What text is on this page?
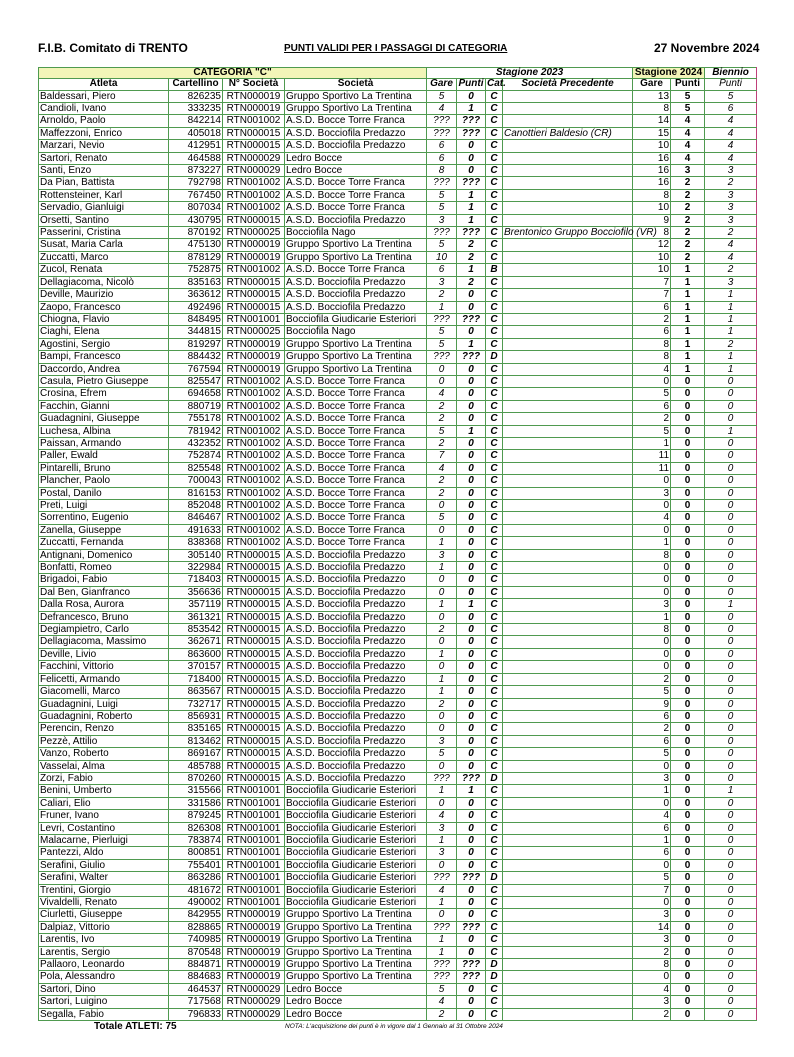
F.I.B. Comitato di TRENTO	PUNTI VALIDI PER I PASSAGGI DI CATEGORIA	27 Novembre 2024
CATEGORIA "C"				Stagione 2023				Stagione 2024		Biennio
Atleta	Cartellino	N° Società	Società	Gare	Punti	Cat.	Società Precedente	Gare	Punti	Punti
Baldessari, Piero	826235	RTN000019	Gruppo Sportivo La Trentina	5	0	C		13	5	5
Candioli, Ivano	333235	RTN000019	Gruppo Sportivo La Trentina	4	1	C		8	5	6
Arnoldo, Paolo	842214	RTN001002	A.S.D. Bocce Torre Franca	???	???	C		14	4	4
Maffezzoni, Enrico	405018	RTN000015	A.S.D. Bocciofila Predazzo	???	???	C	Canottieri Baldesio (CR)	15	4	4
Marzari, Nevio	412951	RTN000015	A.S.D. Bocciofila Predazzo	6	0	C		10	4	4
Sartori, Renato	464588	RTN000029	Ledro Bocce	6	0	C		16	4	4
Santi, Enzo	873227	RTN000029	Ledro Bocce	8	0	C		16	3	3
Da Pian, Battista	792798	RTN001002	A.S.D. Bocce Torre Franca	???	???	C		16	2	2
Rottensteiner, Karl	767450	RTN001002	A.S.D. Bocce Torre Franca	5	1	C		8	2	3
Servadio, Gianluigi	807034	RTN001002	A.S.D. Bocce Torre Franca	5	1	C		10	2	3
Orsetti, Santino	430795	RTN000015	A.S.D. Bocciofila Predazzo	3	1	C		9	2	3
Passerini, Cristina	870192	RTN000025	Bocciofila Nago	???	???	C	Brentonico Gruppo Bocciofilo (VR)	8	2	2
Susat, Maria Carla	475130	RTN000019	Gruppo Sportivo La Trentina	5	2	C		12	2	4
Zuccatti, Marco	878129	RTN000019	Gruppo Sportivo La Trentina	10	2	C		10	2	4
Zucol, Renata	752875	RTN001002	A.S.D. Bocce Torre Franca	6	1	B		10	1	2
Dellagiacoma, Nicolò	835163	RTN000015	A.S.D. Bocciofila Predazzo	3	2	C		7	1	3
Deville, Maurizio	363612	RTN000015	A.S.D. Bocciofila Predazzo	2	0	C		7	1	1
Zaopo, Francesco	492496	RTN000015	A.S.D. Bocciofila Predazzo	1	0	C		6	1	1
Chiogna, Flavio	848495	RTN001001	Bocciofila Giudicarie Esteriori	???	???	C		2	1	1
Ciaghi, Elena	344815	RTN000025	Bocciofila Nago	5	0	C		6	1	1
Agostini, Sergio	819297	RTN000019	Gruppo Sportivo La Trentina	5	1	C		8	1	2
Bampi, Francesco	884432	RTN000019	Gruppo Sportivo La Trentina	???	???	D		8	1	1
Daccordo, Andrea	767594	RTN000019	Gruppo Sportivo La Trentina	0	0	C		4	1	1
Casula, Pietro Giuseppe	825547	RTN001002	A.S.D. Bocce Torre Franca	0	0	C		0	0	0
Crosina, Efrem	694658	RTN001002	A.S.D. Bocce Torre Franca	4	0	C		5	0	0
Facchin, Gianni	880719	RTN001002	A.S.D. Bocce Torre Franca	2	0	C		6	0	0
Guadagnini, Giuseppe	755178	RTN001002	A.S.D. Bocce Torre Franca	2	0	C		2	0	0
Luchesa, Albina	781942	RTN001002	A.S.D. Bocce Torre Franca	5	1	C		5	0	1
Paissan, Armando	432352	RTN001002	A.S.D. Bocce Torre Franca	2	0	C		1	0	0
Paller, Ewald	752874	RTN001002	A.S.D. Bocce Torre Franca	7	0	C		11	0	0
Pintarelli, Bruno	825548	RTN001002	A.S.D. Bocce Torre Franca	4	0	C		11	0	0
Plancher, Paolo	700043	RTN001002	A.S.D. Bocce Torre Franca	2	0	C		0	0	0
Postal, Danilo	816153	RTN001002	A.S.D. Bocce Torre Franca	2	0	C		3	0	0
Preti, Luigi	852048	RTN001002	A.S.D. Bocce Torre Franca	0	0	C		0	0	0
Sorrentino, Eugenio	846467	RTN001002	A.S.D. Bocce Torre Franca	5	0	C		4	0	0
Zanella, Giuseppe	491633	RTN001002	A.S.D. Bocce Torre Franca	0	0	C		0	0	0
Zuccatti, Fernanda	838368	RTN001002	A.S.D. Bocce Torre Franca	1	0	C		1	0	0
Antignani, Domenico	305140	RTN000015	A.S.D. Bocciofila Predazzo	3	0	C		8	0	0
Bonfatti, Romeo	322984	RTN000015	A.S.D. Bocciofila Predazzo	1	0	C		0	0	0
Brigadoi, Fabio	718403	RTN000015	A.S.D. Bocciofila Predazzo	0	0	C		0	0	0
Dal Ben, Gianfranco	356636	RTN000015	A.S.D. Bocciofila Predazzo	0	0	C		0	0	0
Dalla Rosa, Aurora	357119	RTN000015	A.S.D. Bocciofila Predazzo	1	1	C		3	0	1
Defrancesco, Bruno	361321	RTN000015	A.S.D. Bocciofila Predazzo	0	0	C		1	0	0
Degiampietro, Carlo	853542	RTN000015	A.S.D. Bocciofila Predazzo	2	0	C		8	0	0
Dellagiacoma, Massimo	362671	RTN000015	A.S.D. Bocciofila Predazzo	0	0	C		0	0	0
Deville, Livio	863600	RTN000015	A.S.D. Bocciofila Predazzo	1	0	C		0	0	0
Facchini, Vittorio	370157	RTN000015	A.S.D. Bocciofila Predazzo	0	0	C		0	0	0
Felicetti, Armando	718400	RTN000015	A.S.D. Bocciofila Predazzo	1	0	C		2	0	0
Giacomelli, Marco	863567	RTN000015	A.S.D. Bocciofila Predazzo	1	0	C		5	0	0
Guadagnini, Luigi	732717	RTN000015	A.S.D. Bocciofila Predazzo	2	0	C		9	0	0
Guadagnini, Roberto	856931	RTN000015	A.S.D. Bocciofila Predazzo	0	0	C		6	0	0
Perencin, Renzo	835165	RTN000015	A.S.D. Bocciofila Predazzo	0	0	C		2	0	0
Pezzè, Attilio	813462	RTN000015	A.S.D. Bocciofila Predazzo	3	0	C		6	0	0
Vanzo, Roberto	869167	RTN000015	A.S.D. Bocciofila Predazzo	5	0	C		5	0	0
Vasselai, Alma	485788	RTN000015	A.S.D. Bocciofila Predazzo	0	0	C		0	0	0
Zorzi, Fabio	870260	RTN000015	A.S.D. Bocciofila Predazzo	???	???	D		3	0	0
Benini, Umberto	315566	RTN001001	Bocciofila Giudicarie Esteriori	1	1	C		1	0	1
Caliari, Elio	331586	RTN001001	Bocciofila Giudicarie Esteriori	0	0	C		0	0	0
Fruner, Ivano	879245	RTN001001	Bocciofila Giudicarie Esteriori	4	0	C		4	0	0
Levri, Costantino	826308	RTN001001	Bocciofila Giudicarie Esteriori	3	0	C		6	0	0
Malacarne, Pierluigi	783874	RTN001001	Bocciofila Giudicarie Esteriori	1	0	C		1	0	0
Pantezzi, Aldo	800851	RTN001001	Bocciofila Giudicarie Esteriori	3	0	C		6	0	0
Serafini, Giulio	755401	RTN001001	Bocciofila Giudicarie Esteriori	0	0	C		0	0	0
Serafini, Walter	863286	RTN001001	Bocciofila Giudicarie Esteriori	???	???	D		5	0	0
Trentini, Giorgio	481672	RTN001001	Bocciofila Giudicarie Esteriori	4	0	C		7	0	0
Vivaldelli, Renato	490002	RTN001001	Bocciofila Giudicarie Esteriori	1	0	C		0	0	0
Ciurletti, Giuseppe	842955	RTN000019	Gruppo Sportivo La Trentina	0	0	C		3	0	0
Dalpiaz, Vittorio	828865	RTN000019	Gruppo Sportivo La Trentina	???	???	C		14	0	0
Larentis, Ivo	740985	RTN000019	Gruppo Sportivo La Trentina	1	0	C		3	0	0
Larentis, Sergio	870548	RTN000019	Gruppo Sportivo La Trentina	1	0	C		2	0	0
Pallaoro, Leonardo	884871	RTN000019	Gruppo Sportivo La Trentina	???	???	D		8	0	0
Pola, Alessandro	884683	RTN000019	Gruppo Sportivo La Trentina	???	???	D		0	0	0
Sartori, Dino	464537	RTN000029	Ledro Bocce	5	0	C		4	0	0
Sartori, Luigino	717568	RTN000029	Ledro Bocce	4	0	C		3	0	0
Segalla, Fabio	796833	RTN000029	Ledro Bocce	2	0	C		2	0	0
Totale ATLETI: 75	NOTA: L'acquisizione dei punti è in vigore dal 1 Gennaio al 31 Ottobre 2024
